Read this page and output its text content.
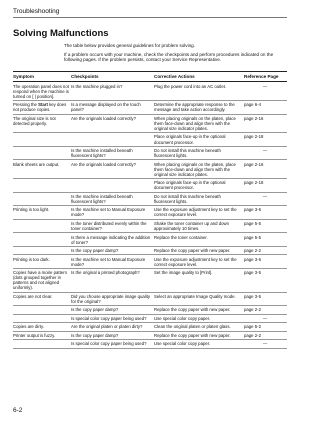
Troubleshooting
Solving Malfunctions

The table below provides general guidelines for problem solving.

If a problem occurs with your machine, check the checkpoints and perform procedures indicated on the following pages. If the problem persists, contact your Service Representative.

Symptom	Checkpoints	Corrective Actions	Reference Page
The operation panel does not respond when the machine is turned on [ | position].	Is the machine plugged in?	Plug the power cord into an AC outlet.	—
Pressing the Start key does not produce copies.	Is a message displayed on the touch panel?	Determine the appropriate response to the message and take action accordingly.	page 6-4
The original size is not detected properly.	Are the originals loaded correctly?	When placing originals on the platen, place them face-down and align them with the original size indicator plates.	page 2-16
		Place originals face-up in the optional document processor.	page 2-18
	Is the machine installed beneath fluorescent lights?	Do not install this machine beneath fluorescent lights.	—
Blank sheets are output.	Are the originals loaded correctly?	When placing originals on the platen, place them face-down and align them with the original size indicator plates.	page 2-16
		Place originals face-up in the optional document processor.	page 2-18
	Is the machine installed beneath fluorescent lights?	Do not install this machine beneath fluorescent lights.	—
Printing is too light.	Is the machine set to Manual Exposure mode?	Use the exposure adjustment key to set the correct exposure level.	page 3-6
	Is the toner distributed evenly within the toner container?	Shake the toner container up and down approximately 10 times.	page 5-5
	Is there a message indicating the addition of toner?	Replace the toner container.	page 5-5
	Is the copy paper damp?	Replace the copy paper with new paper.	page 2-2
Printing is too dark.	Is the machine set to Manual Exposure mode?	Use the exposure adjustment key to set the correct exposure level.	page 3-6
Copies have a moire pattern (dots grouped together in patterns and not aligned uniformly).	Is the original a printed photograph?	Set the image quality to [Print].	page 3-5
Copies are not clear.	Did you choose appropriate image quality for the original?	Select an appropriate Image Quality mode.	page 3-5
	Is the copy paper damp?	Replace the copy paper with new paper.	page 2-2
	Is special color copy paper being used?	Use special color copy paper.	—
Copies are dirty.	Are the original platen or platen dirty?	Clean the original platen or platen glass.	page 5-2
Printer output is fuzzy.	Is the copy paper damp?	Replace the copy paper with new paper.	page 2-2
	Is special color copy paper being used?	Use special color copy paper.	—
6-2
